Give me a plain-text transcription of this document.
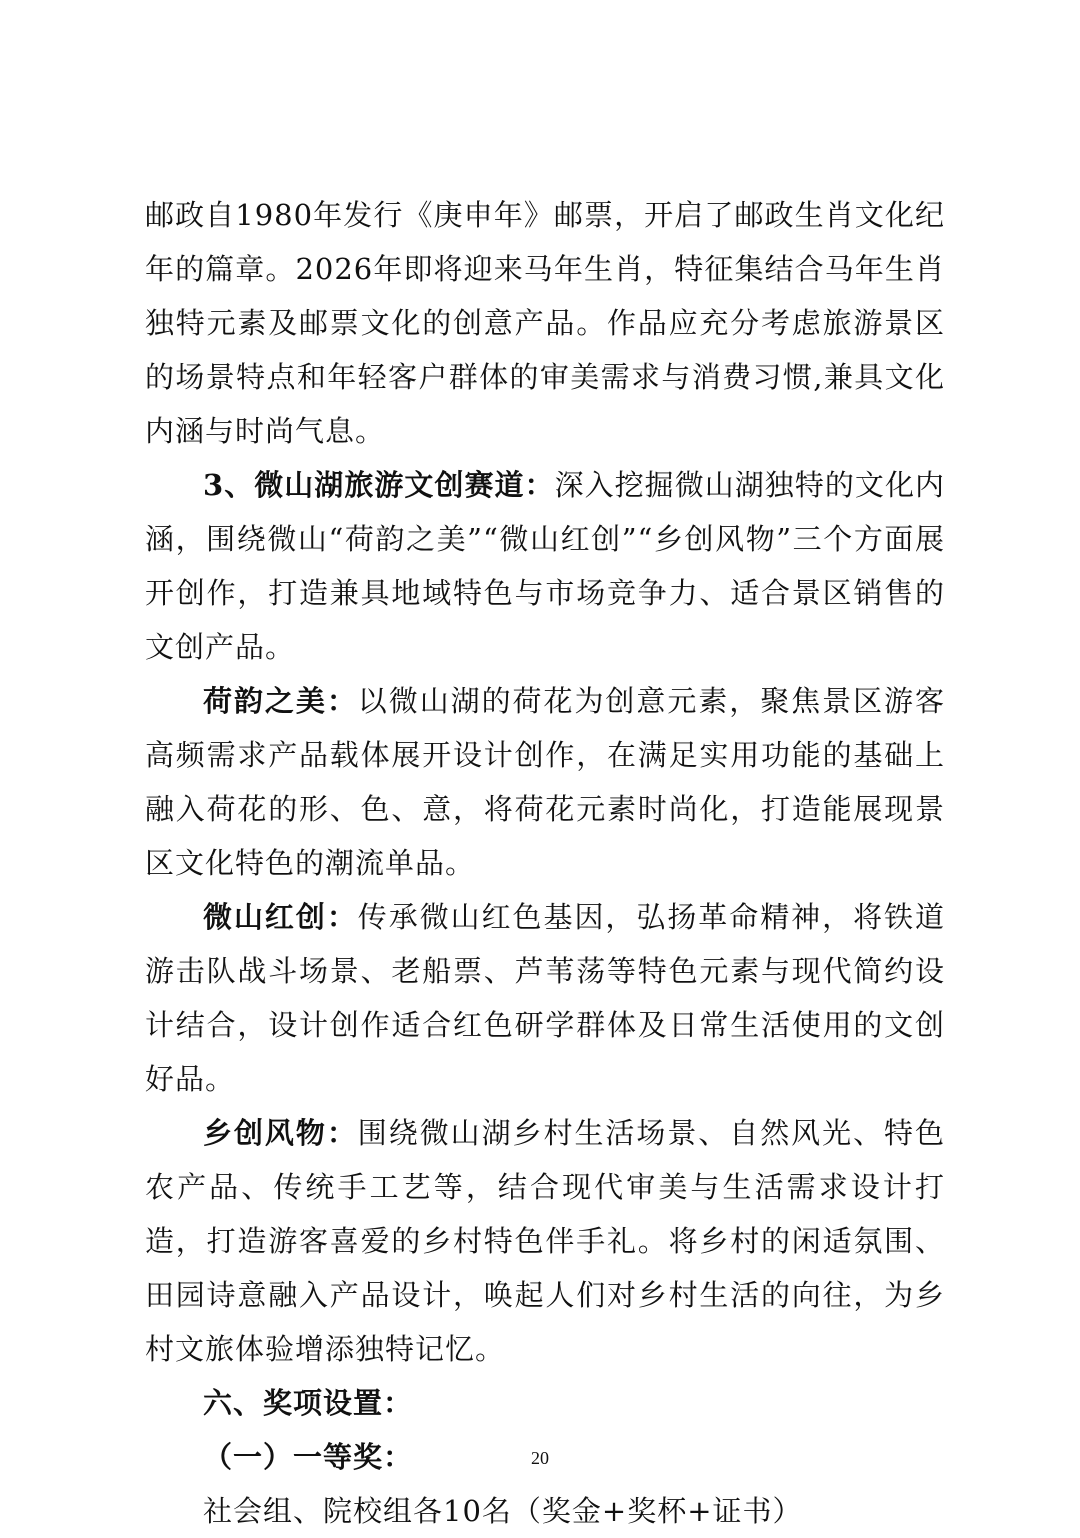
邮政自1980年发行《庚申年》邮票，开启了邮政生肖文化纪年的篇章。2026年即将迎来马年生肖，特征集结合马年生肖独特元素及邮票文化的创意产品。作品应充分考虑旅游景区的场景特点和年轻客户群体的审美需求与消费习惯,兼具文化内涵与时尚气息。

3、微山湖旅游文创赛道：深入挖掘微山湖独特的文化内涵，围绕微山“荷韵之美”“微山红创”“乡创风物”三个方面展开创作，打造兼具地域特色与市场竞争力、适合景区销售的文创产品。

荷韵之美：以微山湖的荷花为创意元素，聚焦景区游客高频需求产品载体展开设计创作，在满足实用功能的基础上融入荷花的形、色、意，将荷花元素时尚化，打造能展现景区文化特色的潮流单品。

微山红创：传承微山红色基因，弘扬革命精神，将铁道游击队战斗场景、老船票、芦苇荡等特色元素与现代简约设计结合，设计创作适合红色研学群体及日常生活使用的文创好品。

乡创风物：围绕微山湖乡村生活场景、自然风光、特色农产品、传统手工艺等，结合现代审美与生活需求设计打造，打造游客喜爱的乡村特色伴手礼。将乡村的闲适氛围、田园诗意融入产品设计，唤起人们对乡村生活的向往，为乡村文旅体验增添独特记忆。

六、奖项设置：

（一）一等奖：

社会组、院校组各10名（奖金+奖杯+证书）

20
